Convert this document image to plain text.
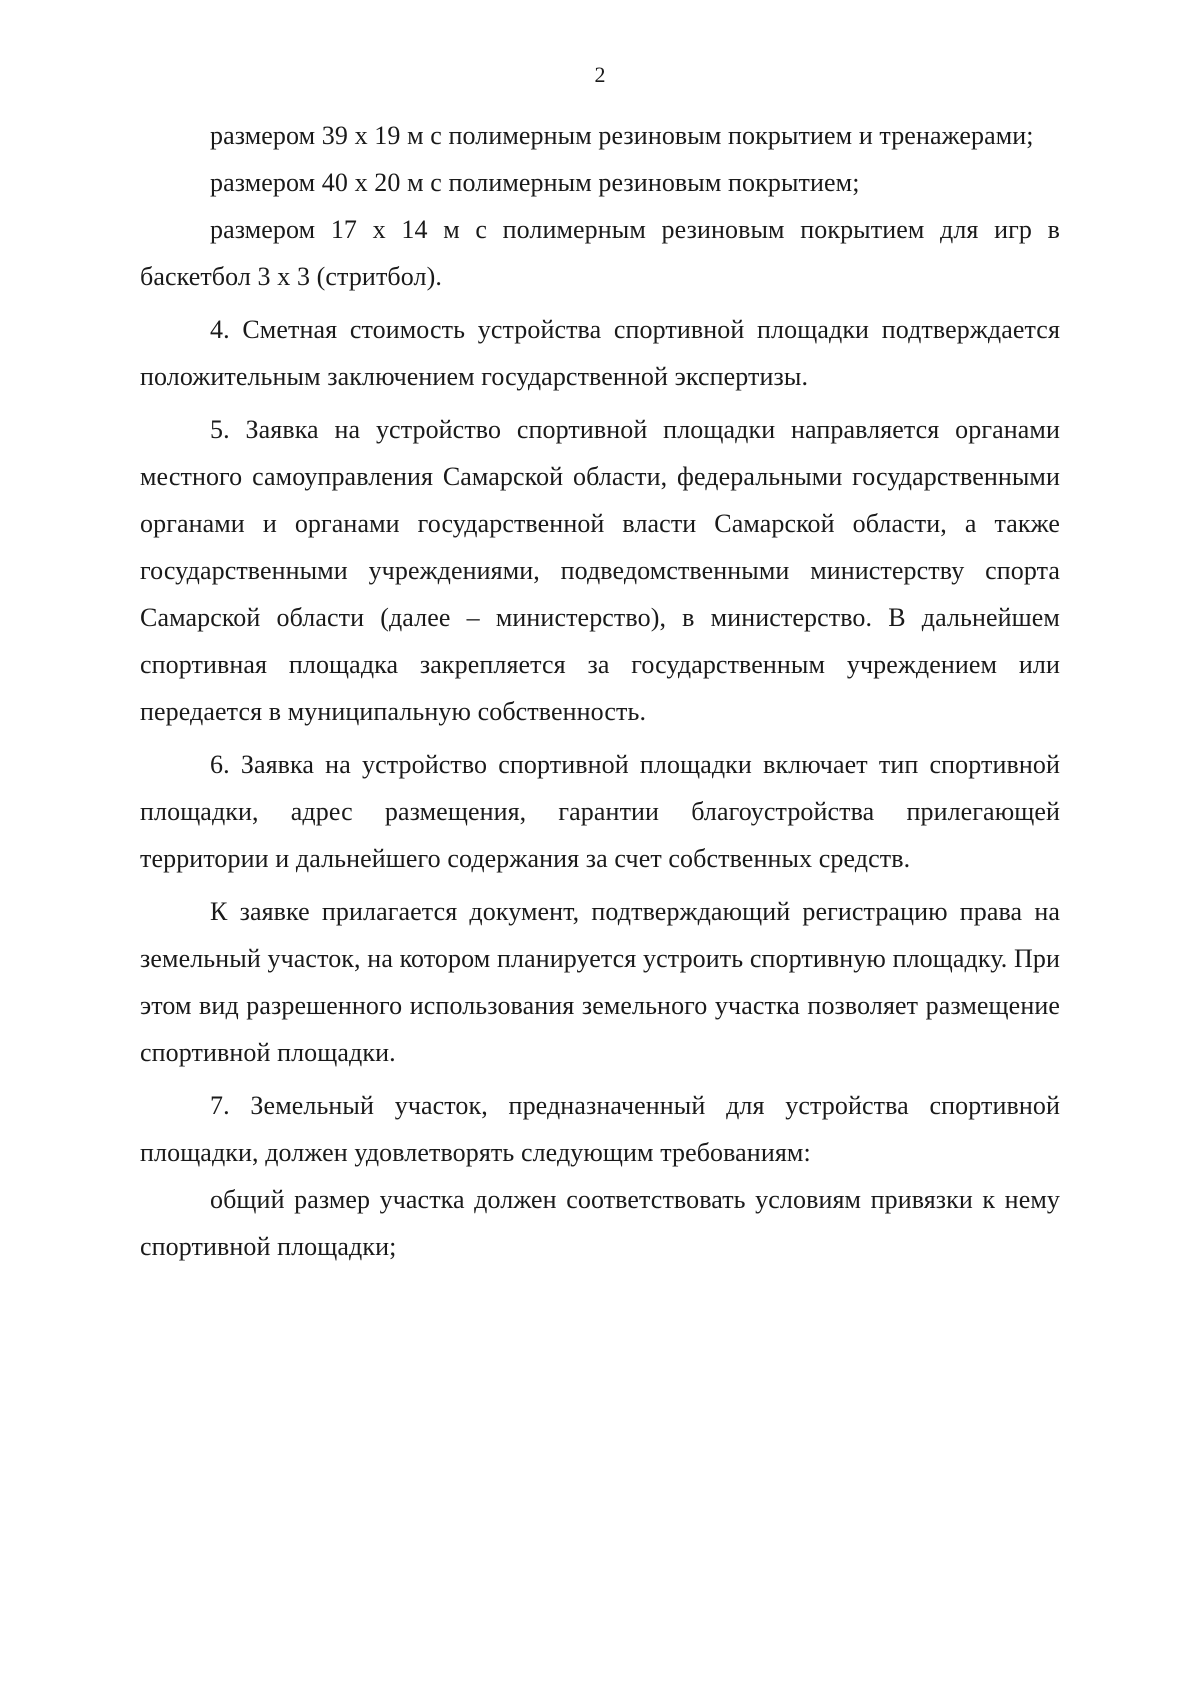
2

размером 39 х 19 м с полимерным резиновым покрытием и тренажерами;

размером 40 х 20 м с полимерным резиновым покрытием;

размером 17 х 14 м с полимерным резиновым покрытием для игр в баскетбол 3 х 3 (стритбол).

4. Сметная стоимость устройства спортивной площадки подтверждается положительным заключением государственной экспертизы.

5. Заявка на устройство спортивной площадки направляется органами местного самоуправления Самарской области, федеральными государственными органами и органами государственной власти Самарской области, а также государственными учреждениями, подведомственными министерству спорта Самарской области (далее – министерство), в министерство. В дальнейшем спортивная площадка закрепляется за государственным учреждением или передается в муниципальную собственность.

6. Заявка на устройство спортивной площадки включает тип спортивной площадки, адрес размещения, гарантии благоустройства прилегающей территории и дальнейшего содержания за счет собственных средств.

К заявке прилагается документ, подтверждающий регистрацию права на земельный участок, на котором планируется устроить спортивную площадку. При этом вид разрешенного использования земельного участка позволяет размещение спортивной площадки.

7. Земельный участок, предназначенный для устройства спортивной площадки, должен удовлетворять следующим требованиям:

общий размер участка должен соответствовать условиям привязки к нему спортивной площадки;
